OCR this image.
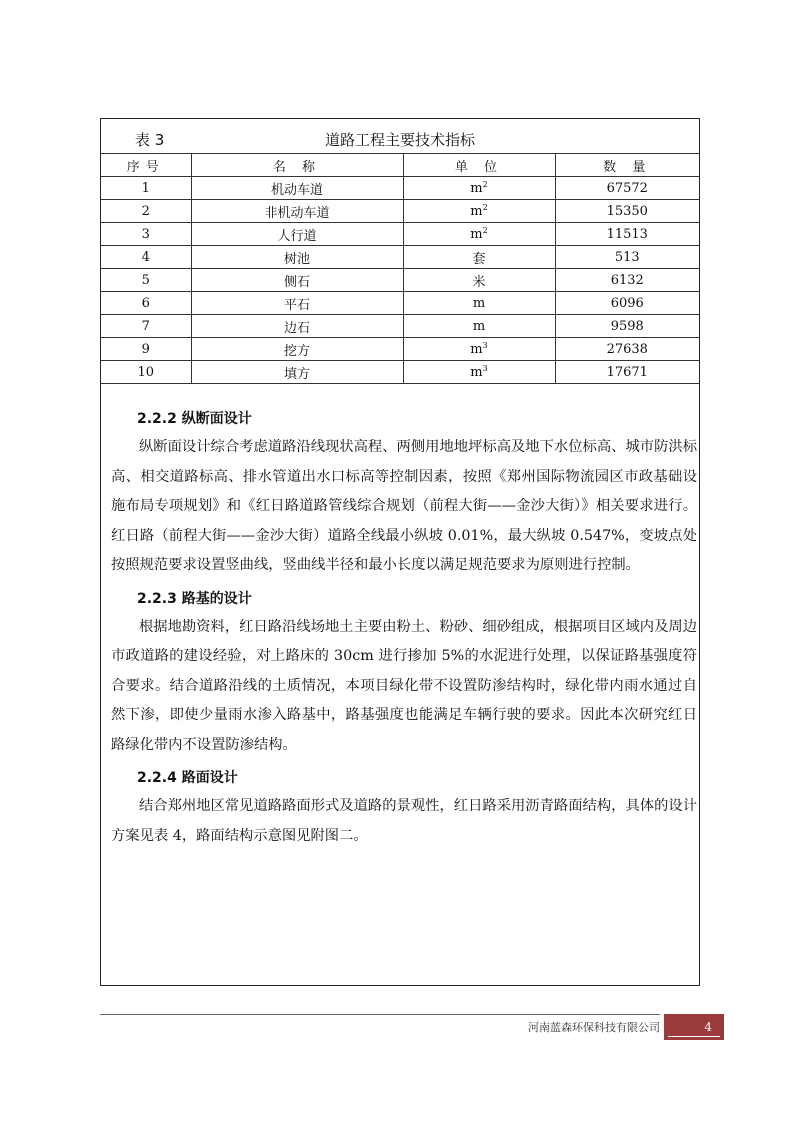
表 3	道路工程主要技术指标
序号	名 称	单 位	数 量
1	机动车道	$m^2$	67572
2	非机动车道	$m^2$	15350
3	人行道	$m^2$	11513
4	树池	套	513
5	侧石	米	6132
6	平石	m	6096
7	边石	m	9598
9	挖方	$m^3$	27638
10	填方	$m^3$	17671
2.2.2 纵断面设计

纵断面设计综合考虑道路沿线现状高程、两侧用地地坪标高及地下水位标高、城市防洪标高、相交道路标高、排水管道出水口标高等控制因素，按照《郑州国际物流园区市政基础设施布局专项规划》和《红日路道路管线综合规划（前程大街——金沙大街）》相关要求进行。红日路（前程大街——金沙大街）道路全线最小纵坡 0.01%，最大纵坡 0.547%，变坡点处按照规范要求设置竖曲线，竖曲线半径和最小长度以满足规范要求为原则进行控制。

2.2.3 路基的设计

根据地勘资料，红日路沿线场地土主要由粉土、粉砂、细砂组成，根据项目区域内及周边市政道路的建设经验，对上路床的 30cm 进行掺加 5%的水泥进行处理，以保证路基强度符合要求。结合道路沿线的土质情况，本项目绿化带不设置防渗结构时，绿化带内雨水通过自然下渗，即使少量雨水渗入路基中，路基强度也能满足车辆行驶的要求。因此本次研究红日路绿化带内不设置防渗结构。

2.2.4 路面设计

结合郑州地区常见道路路面形式及道路的景观性，红日路采用沥青路面结构，具体的设计方案见表 4，路面结构示意图见附图二。

河南蓝森环保科技有限公司	4
